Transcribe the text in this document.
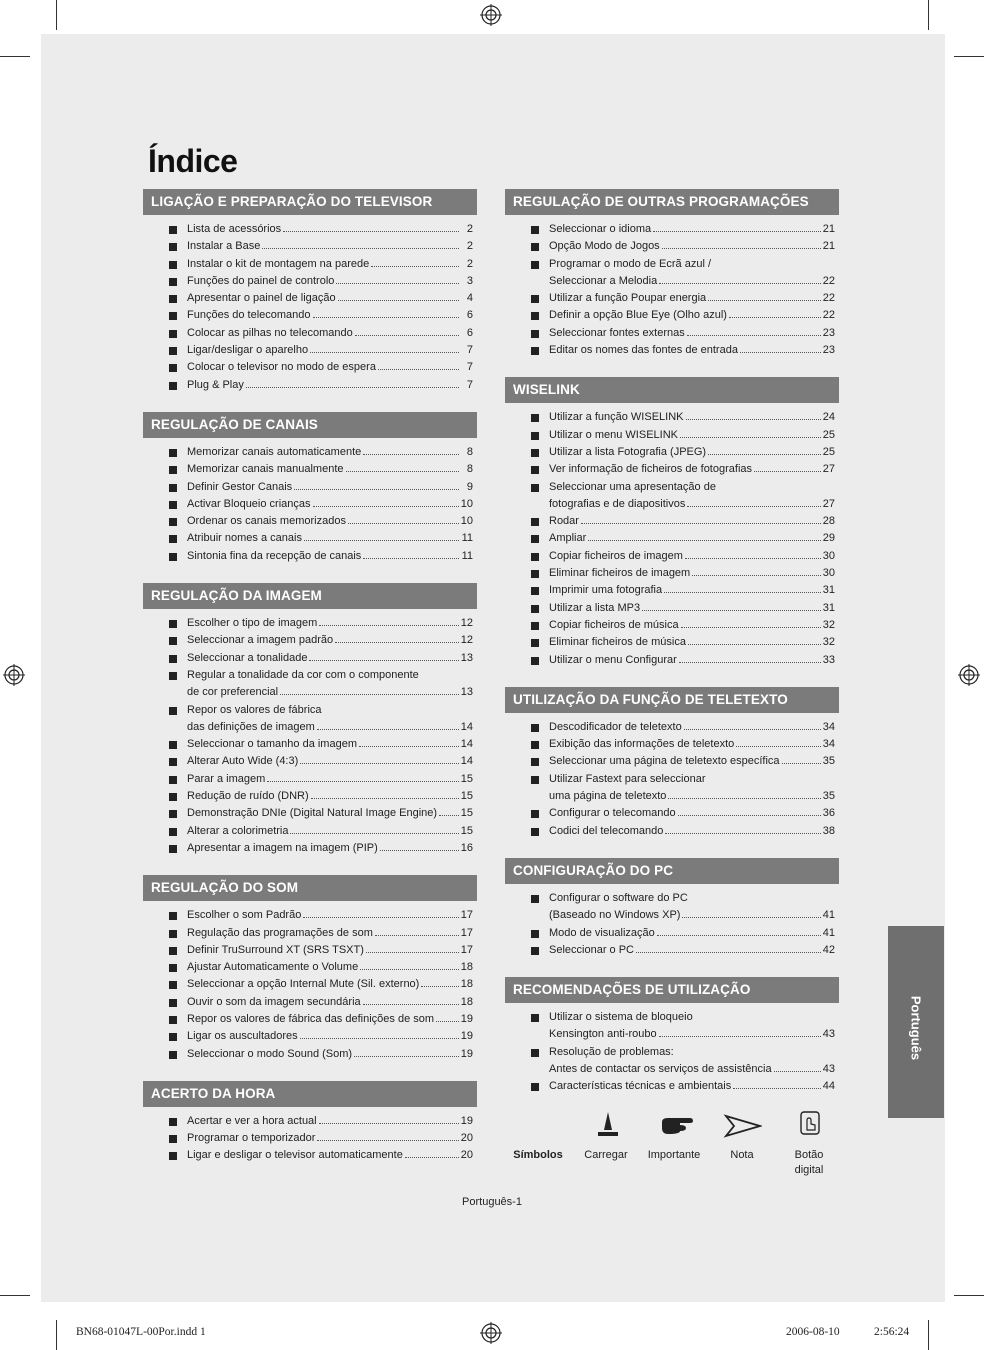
Índice
LIGAÇÃO E PREPARAÇÃO DO TELEVISOR
Lista de acessórios	2
Instalar a Base	2
Instalar o kit de montagem na parede	2
Funções do painel de controlo	3
Apresentar o painel de ligação	4
Funções do telecomando	6
Colocar as pilhas no telecomando	6
Ligar/desligar o aparelho	7
Colocar o televisor no modo de espera	7
Plug & Play	7
REGULAÇÃO DE CANAIS
Memorizar canais automaticamente	8
Memorizar canais manualmente	8
Definir Gestor Canais	9
Activar Bloqueio crianças	10
Ordenar os canais memorizados	10
Atribuir nomes a canais	11
Sintonia fina da recepção de canais	11
REGULAÇÃO DA IMAGEM
Escolher o tipo de imagem	12
Seleccionar a imagem padrão	12
Seleccionar a tonalidade	13
Regular a tonalidade da cor com o componente
de cor preferencial	13
Repor os valores de fábrica
das definições de imagem	14
Seleccionar o tamanho da imagem	14
Alterar Auto Wide (4:3)	14
Parar a imagem	15
Redução de ruído (DNR)	15
Demonstração DNIe (Digital Natural Image Engine) 15
Alterar a colorimetria	15
Apresentar a imagem na imagem (PIP)	16
REGULAÇÃO DO SOM
Escolher o som Padrão	17
Regulação das programações de som	17
Definir TruSurround XT (SRS TSXT)	17
Ajustar Automaticamente o Volume	18
Seleccionar a opção Internal Mute (Sil. externo)	18
Ouvir o som da imagem secundária	18
Repor os valores de fábrica das definições de som 19
Ligar os auscultadores	19
Seleccionar o modo Sound (Som)	19
ACERTO DA HORA
Acertar e ver a hora actual	19
Programar o temporizador	20
Ligar e desligar o televisor automaticamente	20
REGULAÇÃO DE OUTRAS PROGRAMAÇÕES
Seleccionar o idioma	21
Opção Modo de Jogos	21
Programar o modo de Ecrã azul /
Seleccionar a Melodia	22
Utilizar a função Poupar energia	22
Definir a opção Blue Eye (Olho azul)	22
Seleccionar fontes externas	23
Editar os nomes das fontes de entrada	23
WISELINK
Utilizar a função WISELINK	24
Utilizar o menu WISELINK	25
Utilizar a lista Fotografia (JPEG)	25
Ver informação de ficheiros de fotografias	27
Seleccionar uma apresentação de
fotografias e de diapositivos	27
Rodar	28
Ampliar	29
Copiar ficheiros de imagem	30
Eliminar ficheiros de imagem	30
Imprimir uma fotografia	31
Utilizar a lista MP3	31
Copiar ficheiros de música	32
Eliminar ficheiros de música	32
Utilizar o menu Configurar	33
UTILIZAÇÃO DA FUNÇÃO DE TELETEXTO
Descodificador de teletexto	34
Exibição das informações de teletexto	34
Seleccionar uma página de teletexto específica	35
Utilizar Fastext para seleccionar
uma página de teletexto	35
Configurar o telecomando	36
Codici del telecomando	38
CONFIGURAÇÃO DO PC
Configurar o software do PC
(Baseado no Windows XP)	41
Modo de visualização	41
Seleccionar o PC	42
RECOMENDAÇÕES DE UTILIZAÇÃO
Utilizar o sistema de bloqueio
Kensington anti-roubo	43
Resolução de problemas:
Antes de contactar os serviços de assistência	43
Características técnicas e ambientais	44
Português
Símbolos	Carregar	Importante	Nota	Botão digital
Português-1
BN68-01047L-00Por.indd 1	2006-08-10	2:56:24
